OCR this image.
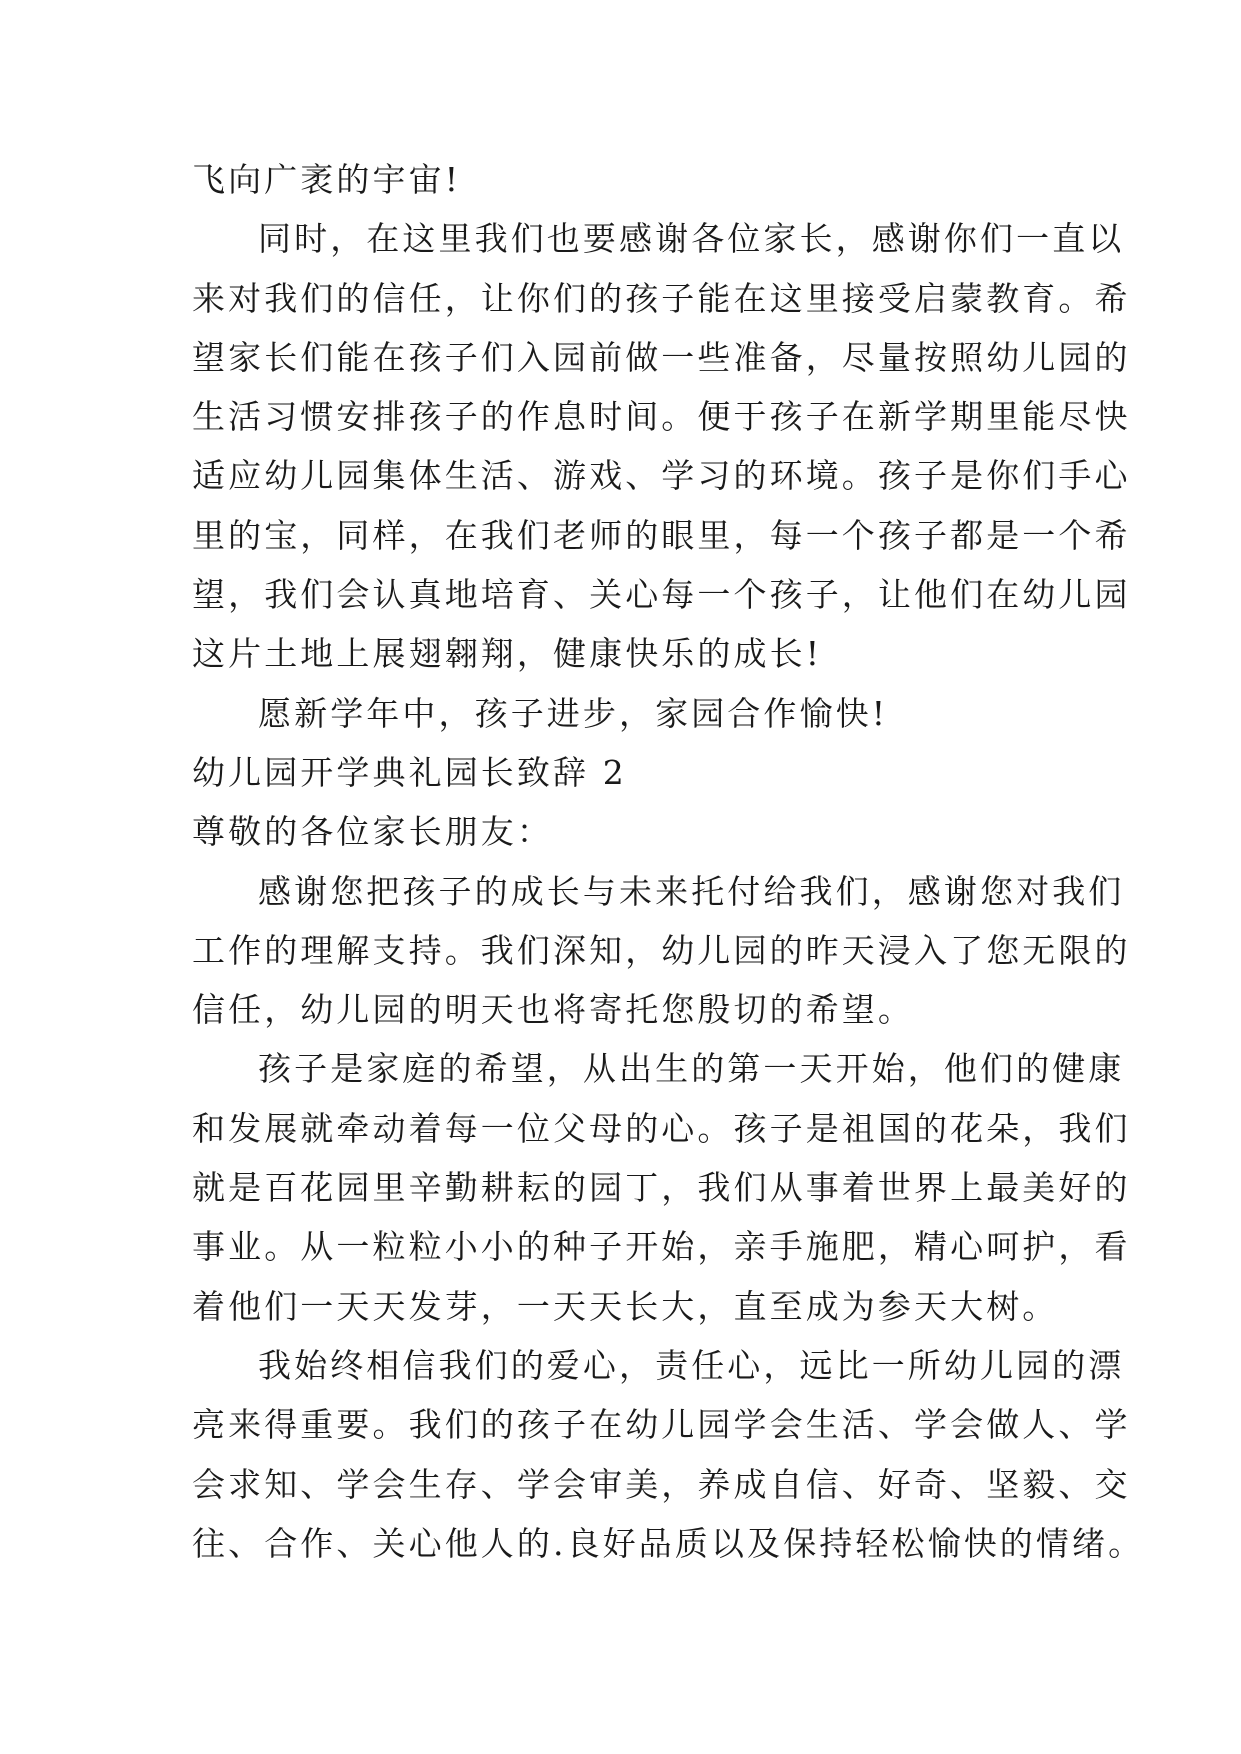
飞向广袤的宇宙!
同时，在这里我们也要感谢各位家长，感谢你们一直以
来对我们的信任，让你们的孩子能在这里接受启蒙教育。希
望家长们能在孩子们入园前做一些准备，尽量按照幼儿园的
生活习惯安排孩子的作息时间。便于孩子在新学期里能尽快
适应幼儿园集体生活、游戏、学习的环境。孩子是你们手心
里的宝，同样，在我们老师的眼里，每一个孩子都是一个希
望，我们会认真地培育、关心每一个孩子，让他们在幼儿园
这片土地上展翅翱翔，健康快乐的成长!
愿新学年中，孩子进步，家园合作愉快!
幼儿园开学典礼园长致辞 2
尊敬的各位家长朋友：
感谢您把孩子的成长与未来托付给我们，感谢您对我们
工作的理解支持。我们深知，幼儿园的昨天浸入了您无限的
信任，幼儿园的明天也将寄托您殷切的希望。
孩子是家庭的希望，从出生的第一天开始，他们的健康
和发展就牵动着每一位父母的心。孩子是祖国的花朵，我们
就是百花园里辛勤耕耘的园丁，我们从事着世界上最美好的
事业。从一粒粒小小的种子开始，亲手施肥，精心呵护，看
着他们一天天发芽，一天天长大，直至成为参天大树。
我始终相信我们的爱心，责任心，远比一所幼儿园的漂
亮来得重要。我们的孩子在幼儿园学会生活、学会做人、学
会求知、学会生存、学会审美，养成自信、好奇、坚毅、交
往、合作、关心他人的.良好品质以及保持轻松愉快的情绪。
